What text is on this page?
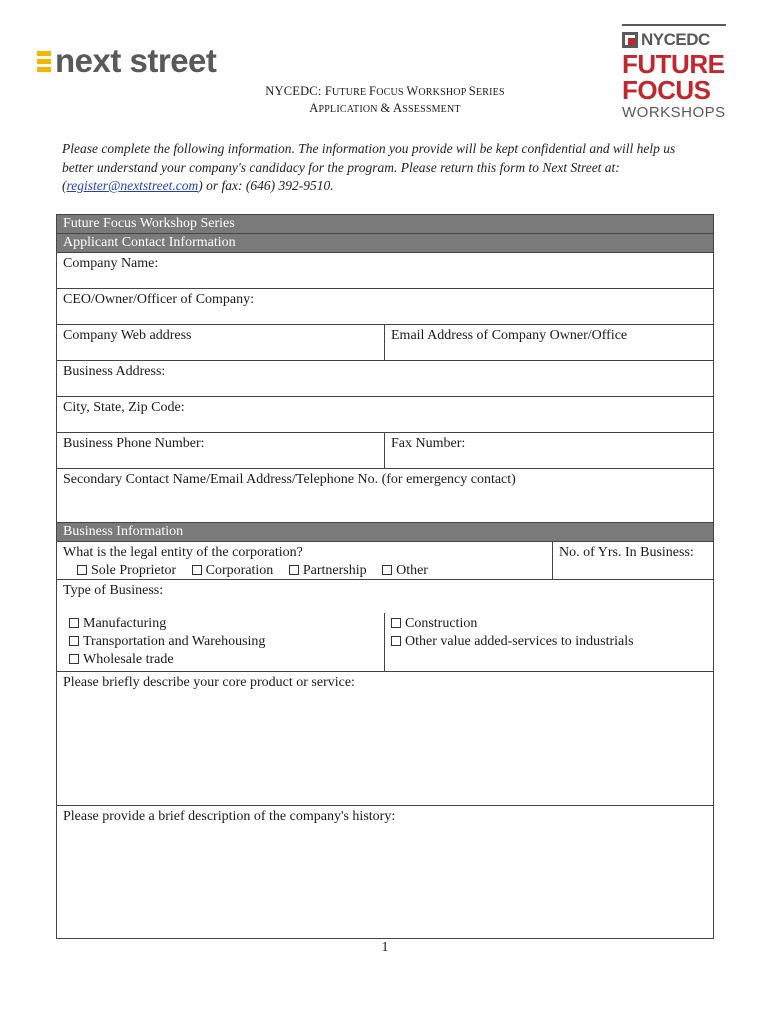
next street
NYCEDC
FUTURE
FOCUS
WORKSHOPS
NYCEDC: FUTURE FOCUS WORKSHOP SERIES
APPLICATION & ASSESSMENT
Please complete the following information. The information you provide will be kept confidential and will help us better understand your company's candidacy for the program. Please return this form to Next Street at:
(register@nextstreet.com) or fax: (646) 392-9510.
Future Focus Workshop Series
Applicant Contact Information
Company Name:
CEO/Owner/Officer of Company:
Company Web address	Email Address of Company Owner/Office
Business Address:
City, State, Zip Code:
Business Phone Number:	Fax Number:
Secondary Contact Name/Email Address/Telephone No. (for emergency contact)
Business Information
What is the legal entity of the corporation?
Sole Proprietor Corporation Partnership Other
No. of Yrs. In Business:
Type of Business:
Manufacturing
Transportation and Warehousing
Wholesale trade
Construction
Other value added-services to industrials
Please briefly describe your core product or service:
Please provide a brief description of the company's history:
1
